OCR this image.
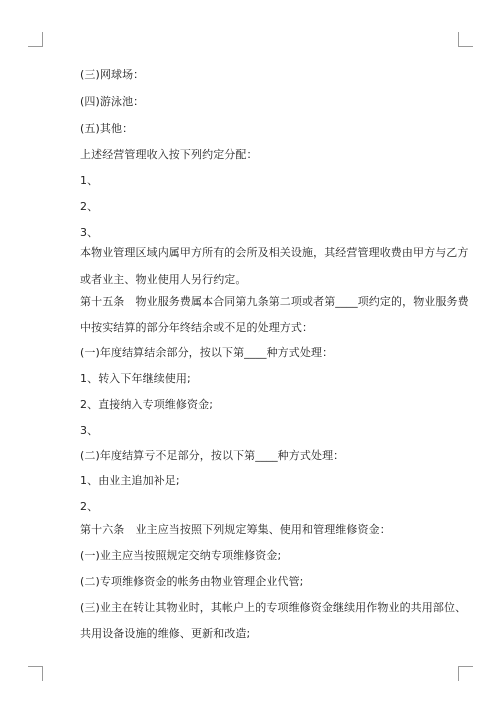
(三)网球场：
(四)游泳池：
(五)其他：
上述经营管理收入按下列约定分配：
1、
2、
3、
本物业管理区域内属甲方所有的会所及相关设施，其经营管理收费由甲方与乙方
或者业主、物业使用人另行约定。
第十五条　物业服务费属本合同第九条第二项或者第____项约定的，物业服务费
中按实结算的部分年终结余或不足的处理方式：
(一)年度结算结余部分，按以下第____种方式处理：
1、转入下年继续使用;
2、直接纳入专项维修资金;
3、
(二)年度结算亏不足部分，按以下第____种方式处理：
1、由业主追加补足;
2、
第十六条　业主应当按照下列规定筹集、使用和管理维修资金：
(一)业主应当按照规定交纳专项维修资金;
(二)专项维修资金的帐务由物业管理企业代管;
(三)业主在转让其物业时，其帐户上的专项维修资金继续用作物业的共用部位、
共用设备设施的维修、更新和改造;
